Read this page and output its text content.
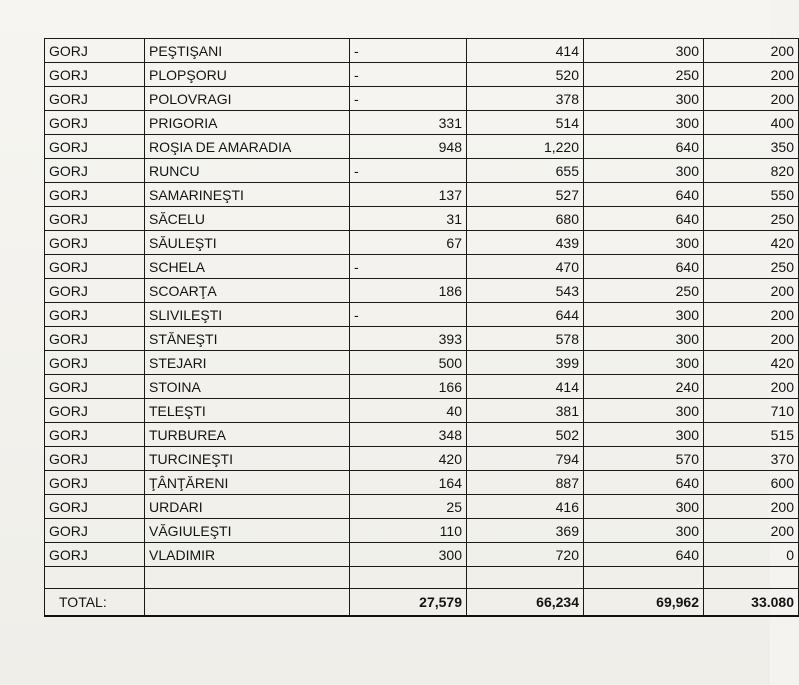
GORJ	PEŞTIŞANI	-	414	300	200
GORJ	PLOPŞORU	-	520	250	200
GORJ	POLOVRAGI	-	378	300	200
GORJ	PRIGORIA	331	514	300	400
GORJ	ROŞIA DE AMARADIA	948	1,220	640	350
GORJ	RUNCU	-	655	300	820
GORJ	SAMARINEŞTI	137	527	640	550
GORJ	SĂCELU	31	680	640	250
GORJ	SĂULEŞTI	67	439	300	420
GORJ	SCHELA	-	470	640	250
GORJ	SCOARŢA	186	543	250	200
GORJ	SLIVILEŞTI	-	644	300	200
GORJ	STĂNEŞTI	393	578	300	200
GORJ	STEJARI	500	399	300	420
GORJ	STOINA	166	414	240	200
GORJ	TELEŞTI	40	381	300	710
GORJ	TURBUREA	348	502	300	515
GORJ	TURCINEŞTI	420	794	570	370
GORJ	ŢÂNŢĂRENI	164	887	640	600
GORJ	URDARI	25	416	300	200
GORJ	VĂGIULEŞTI	110	369	300	200
GORJ	VLADIMIR	300	720	640	0

TOTAL:		27,579	66,234	69,962	33.080
